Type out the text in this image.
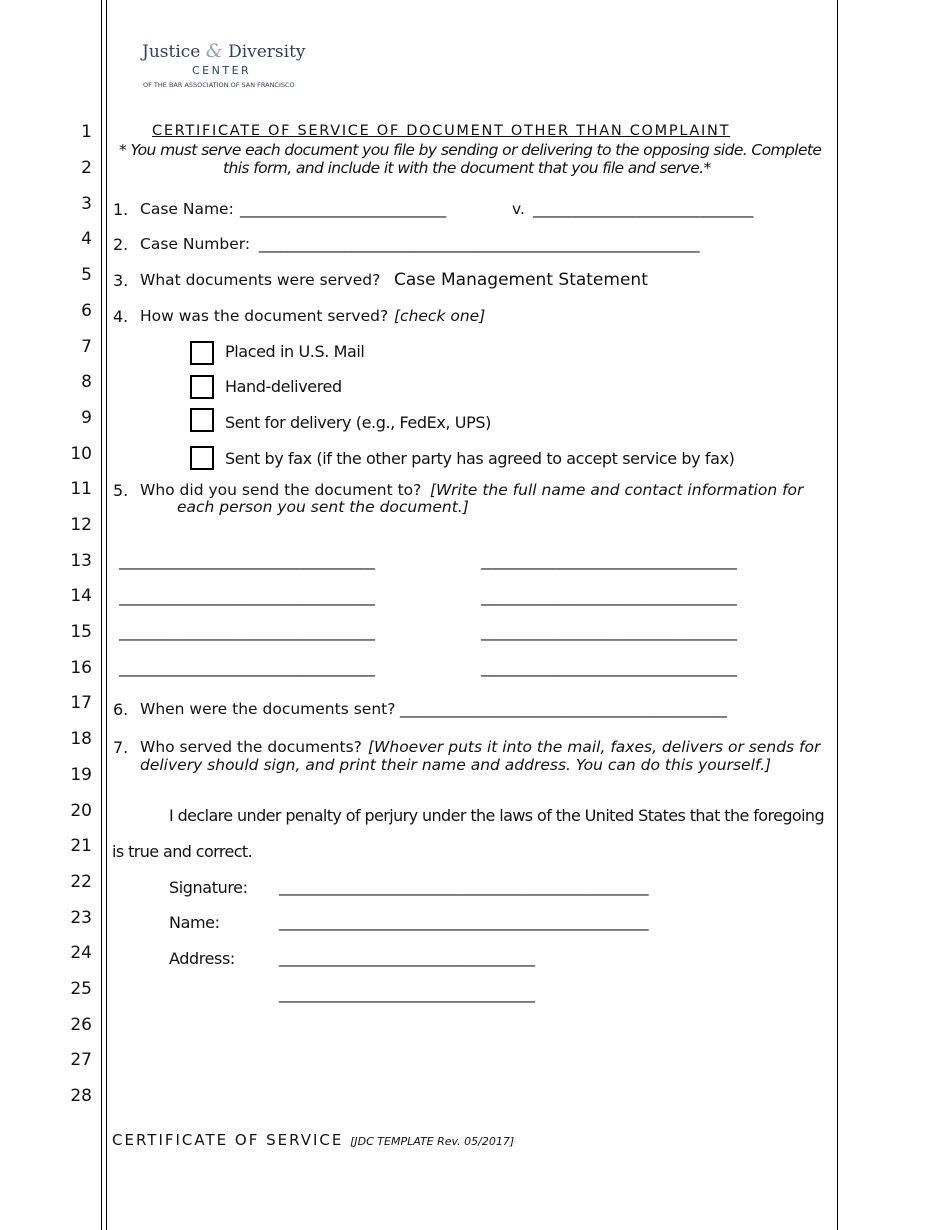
Justice & Diversity
CENTER
OF THE BAR ASSOCIATION OF SAN FRANCISCO
1
2
3
4
5
6
7
8
9
10
11
12
13
14
15
16
17
18
19
20
21
22
23
24
25
26
27
28
CERTIFICATE OF SERVICE OF DOCUMENT OTHER THAN COMPLAINT
* You must serve each document you file by sending or delivering to the opposing side. Complete
this form, and include it with the document that you file and serve.*
1. Case Name: _____________________________	v. _______________________________
2. Case Number: ______________________________________________________________
3. What documents were served? Case Management Statement
4. How was the document served? [check one]
Placed in U.S. Mail
Hand-delivered
Sent for delivery (e.g., FedEx, UPS)
Sent by fax (if the other party has agreed to accept service by fax)
5. Who did you send the document to? [Write the full name and contact information for
each person you sent the document.]
____________________________________	____________________________________
____________________________________	____________________________________
____________________________________	____________________________________
____________________________________	____________________________________
6. When were the documents sent? ______________________________________________
7. Who served the documents? [Whoever puts it into the mail, faxes, delivers or sends for
delivery should sign, and print their name and address. You can do this yourself.]
I declare under penalty of perjury under the laws of the United States that the foregoing
is true and correct.
Signature: ____________________________________________________
Name:	____________________________________________________
Address:	____________________________________
____________________________________
CERTIFICATE OF SERVICE [JDC TEMPLATE Rev. 05/2017]
